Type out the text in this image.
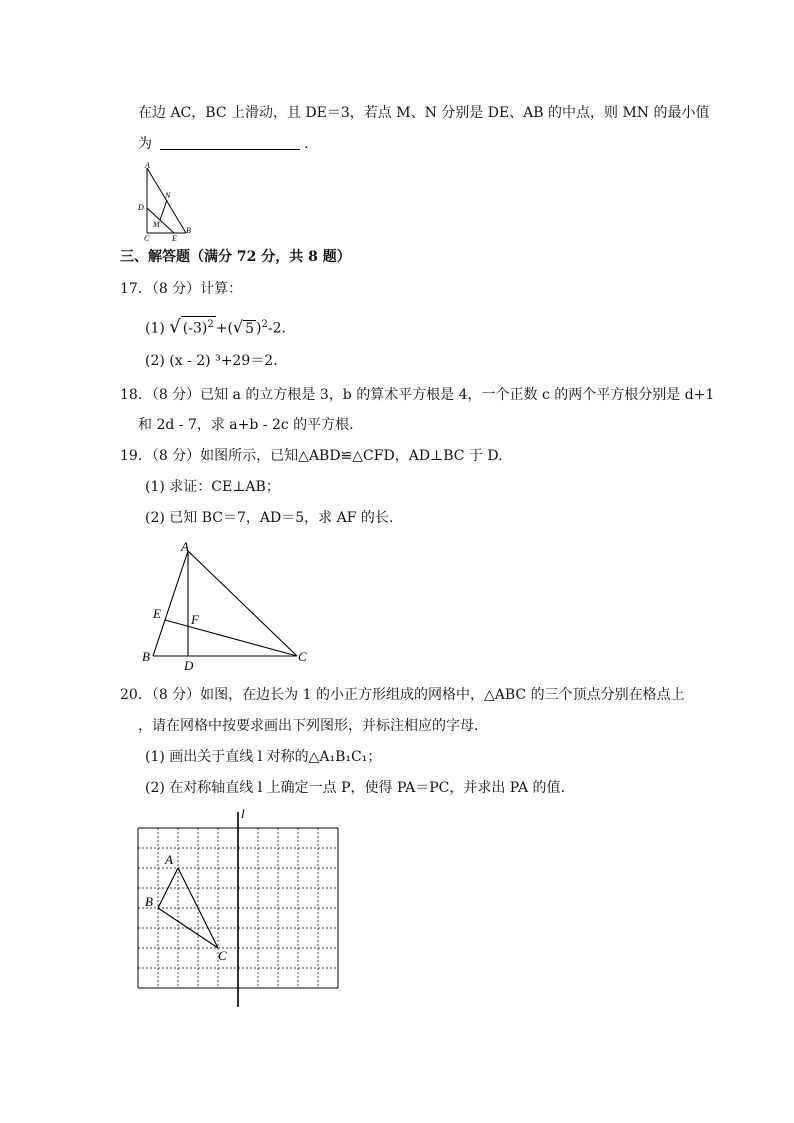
在边 AC，BC 上滑动，且 DE＝3，若点 M、N 分别是 DE、AB 的中点，则 MN 的最小值
为	.
A
N
D
M
C	E
B
三、解答题（满分 72 分，共 8 题）
17．（8 分）计算：
(1) √ $(-3)^2$ +(√ 5 )$^2$-2.
(2) (x - 2) ³+29＝2.
18．（8 分）已知 a 的立方根是 3，b 的算术平方根是 4，一个正数 c 的两个平方根分别是 d+1
和 2d - 7，求 a+b - 2c 的平方根.
19．（8 分）如图所示，已知△ABD≌△CFD，AD⊥BC 于 D.
(1) 求证：CE⊥AB；
(2) 已知 BC＝7，AD＝5，求 AF 的长.
A
E F
B
D
C
20．（8 分）如图，在边长为 1 的小正方形组成的网格中，△ABC 的三个顶点分别在格点上
，请在网格中按要求画出下列图形，并标注相应的字母.
(1) 画出关于直线 l 对称的△A₁B₁C₁；
(2) 在对称轴直线 l 上确定一点 P，使得 PA＝PC，并求出 PA 的值.
l
A
B
C
